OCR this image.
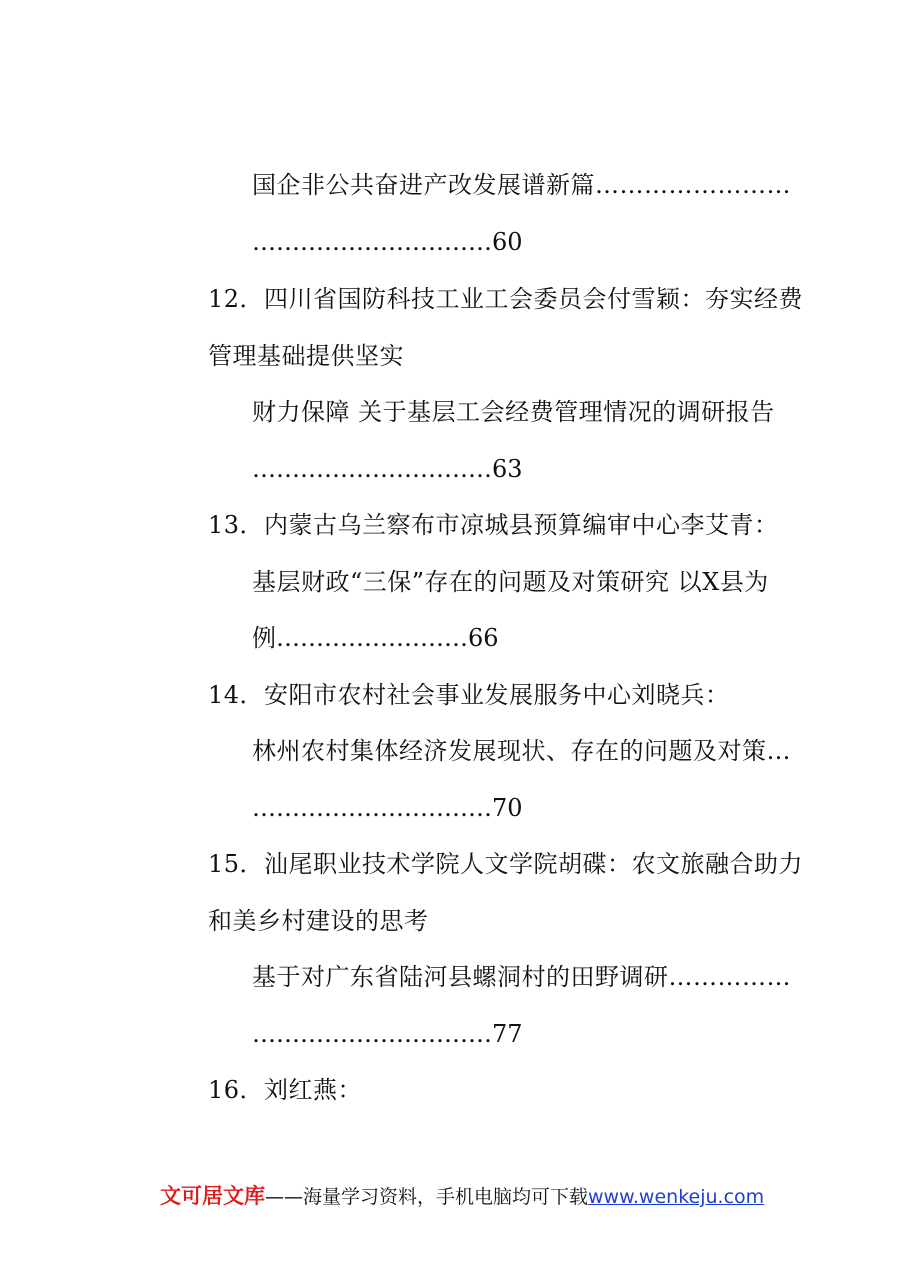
国企非公共奋进产改发展谱新篇……………………
…………………………60
12．四川省国防科技工业工会委员会付雪颖：夯实经费
管理基础提供坚实
财力保障 关于基层工会经费管理情况的调研报告
…………………………63
13．内蒙古乌兰察布市凉城县预算编审中心李艾青：
基层财政“三保”存在的问题及对策研究 以X县为
例……………………66
14．安阳市农村社会事业发展服务中心刘晓兵：
林州农村集体经济发展现状、存在的问题及对策…
…………………………70
15．汕尾职业技术学院人文学院胡碟：农文旅融合助力
和美乡村建设的思考
基于对广东省陆河县螺洞村的田野调研……………
…………………………77
16．刘红燕：
文可居文库——海量学习资料，手机电脑均可下载www.wenkeju.com
